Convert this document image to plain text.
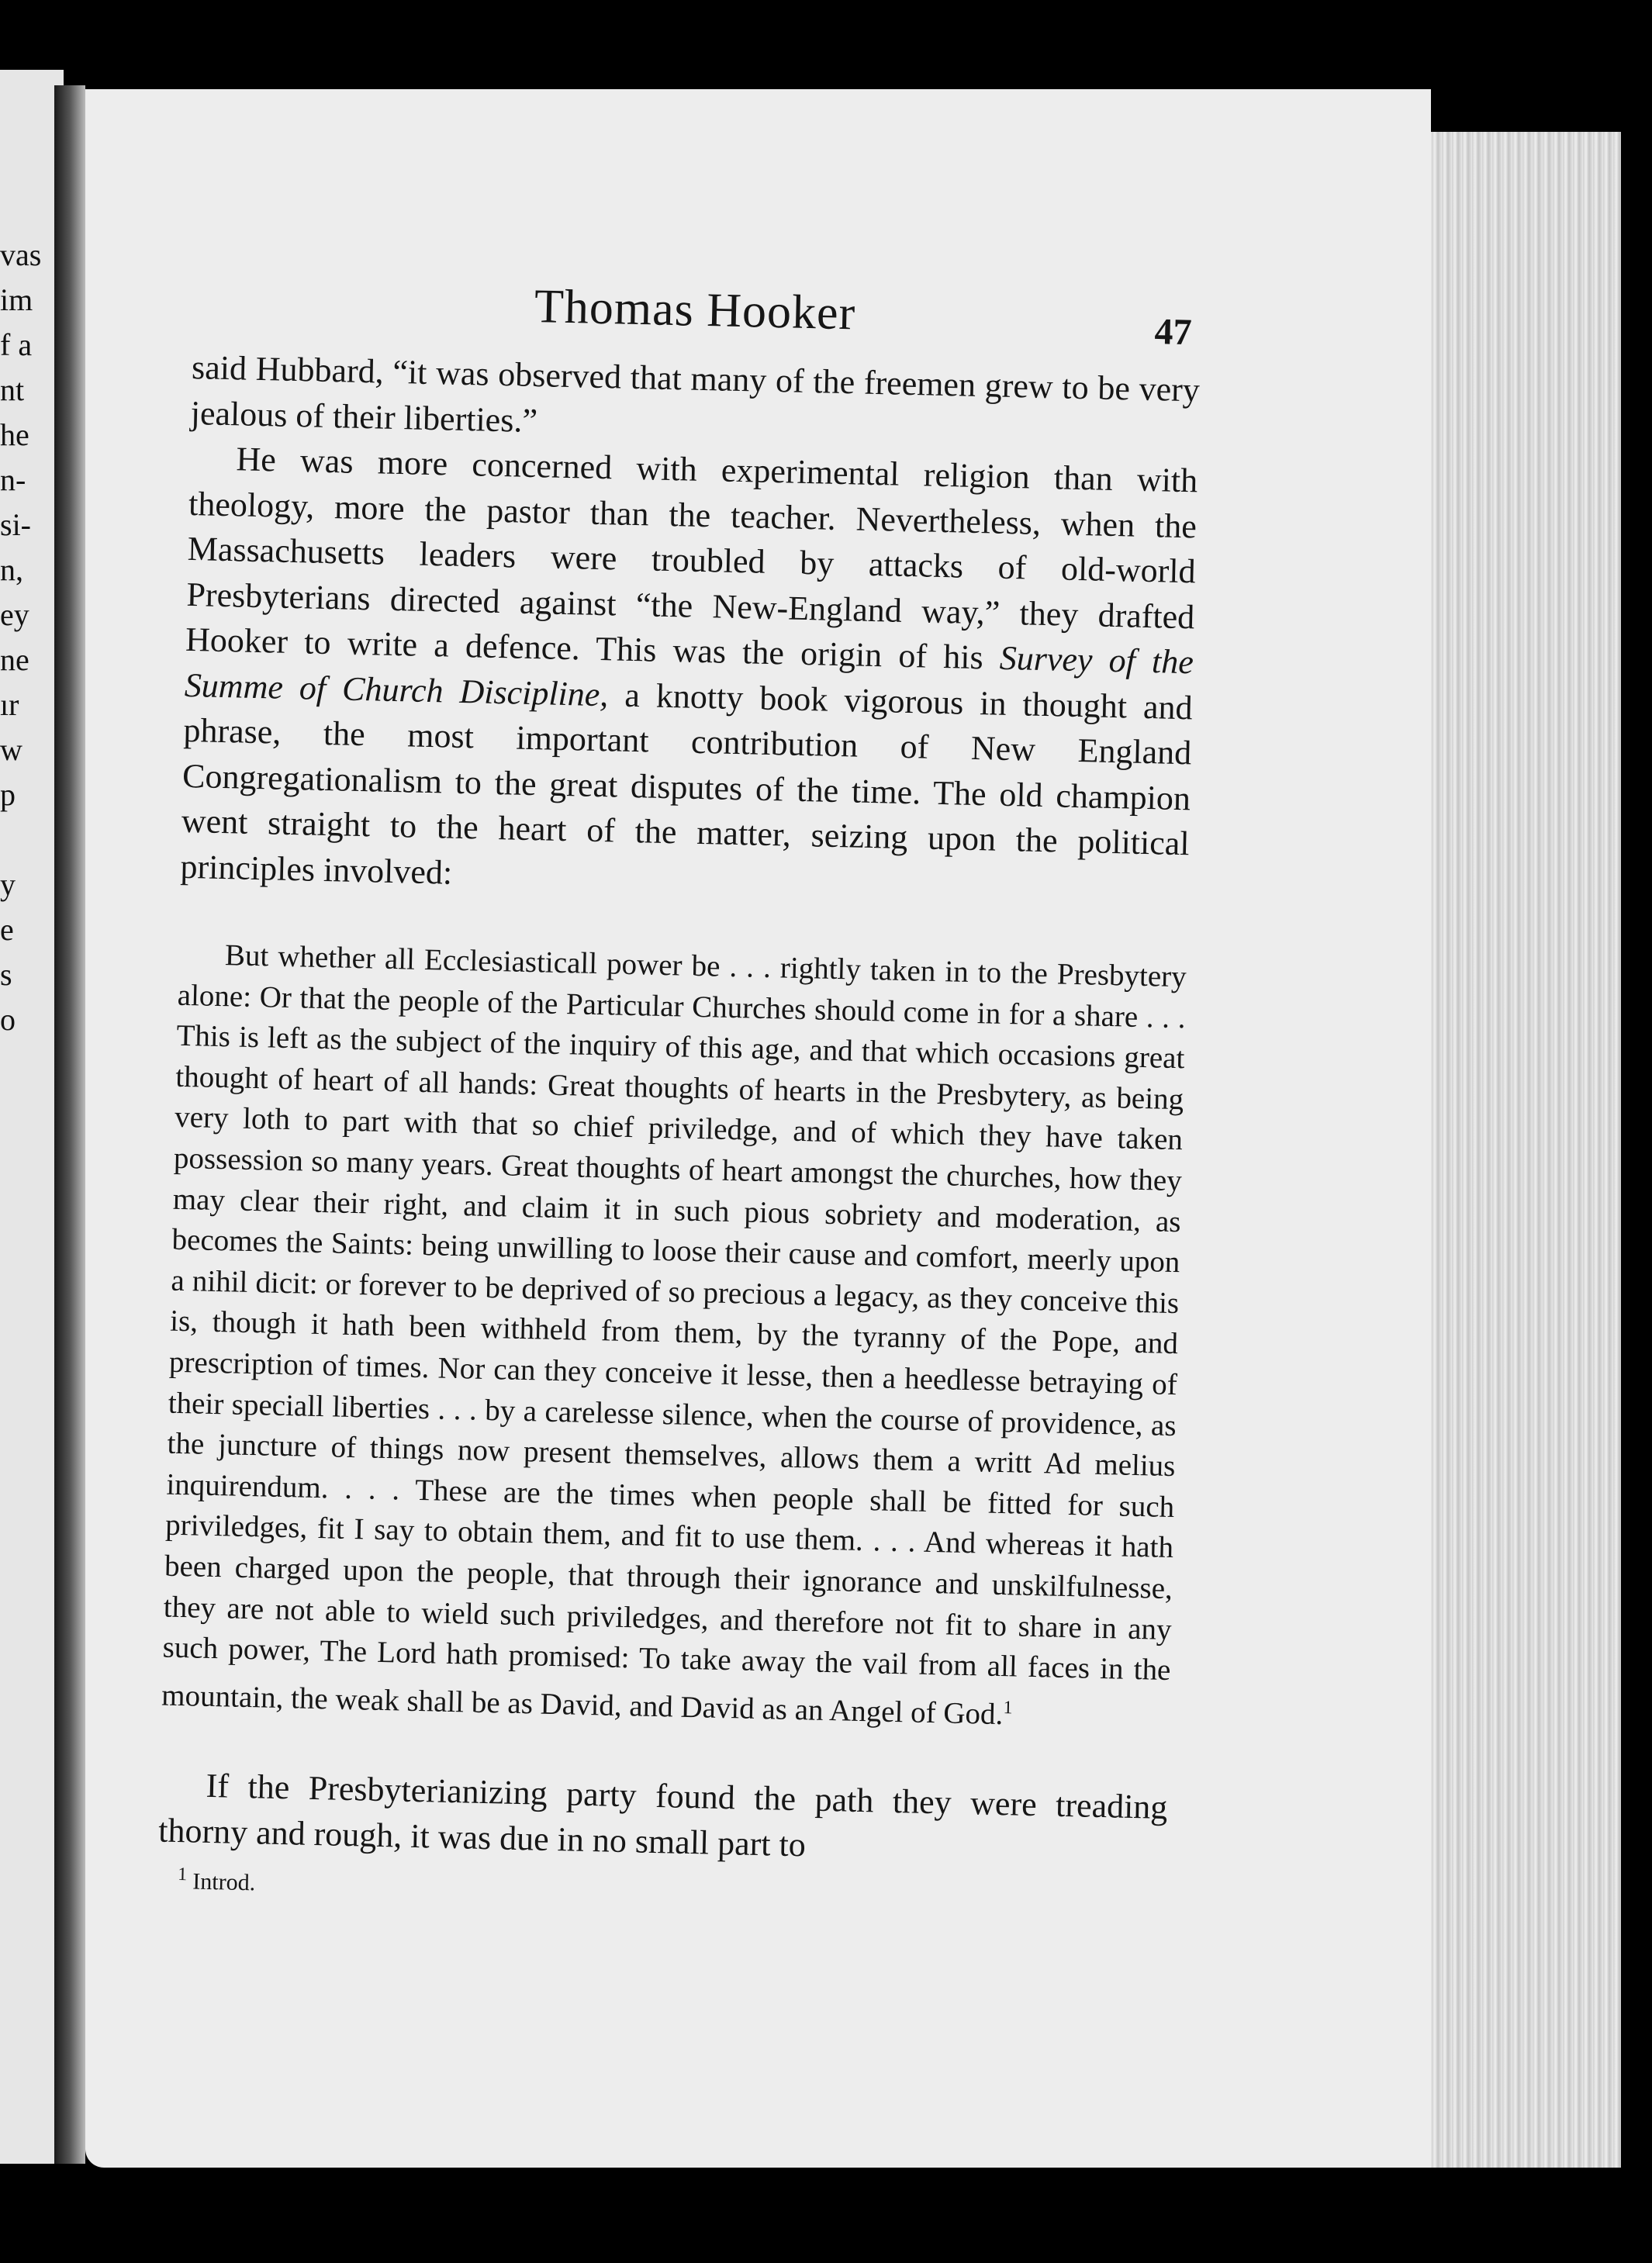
vas
im
f a
nt
he
n-
si-
n,
ey
ne
ır
w
p

y
e
s
o
Thomas Hooker	47

said Hubbard, “it was observed that many of the freemen grew to be very jealous of their liberties.”

He was more concerned with experimental religion than with theology, more the pastor than the teacher. Nevertheless, when the Massachusetts leaders were troubled by attacks of old-world Presbyterians directed against “the New-England way,” they drafted Hooker to write a defence. This was the origin of his Survey of the Summe of Church Discipline, a knotty book vigorous in thought and phrase, the most important contribution of New England Congregationalism to the great disputes of the time. The old champion went straight to the heart of the matter, seizing upon the political principles involved:

But whether all Ecclesiasticall power be . . . rightly taken in to the Presbytery alone: Or that the people of the Particular Churches should come in for a share . . . This is left as the subject of the inquiry of this age, and that which occasions great thought of heart of all hands: Great thoughts of hearts in the Presbytery, as being very loth to part with that so chief priviledge, and of which they have taken possession so many years. Great thoughts of heart amongst the churches, how they may clear their right, and claim it in such pious sobriety and moderation, as becomes the Saints: being unwilling to loose their cause and comfort, meerly upon a nihil dicit: or forever to be deprived of so precious a legacy, as they conceive this is, though it hath been withheld from them, by the tyranny of the Pope, and prescription of times. Nor can they conceive it lesse, then a heedlesse betraying of their speciall liberties . . . by a carelesse silence, when the course of providence, as the juncture of things now present themselves, allows them a writt Ad melius inquirendum. . . . These are the times when people shall be fitted for such priviledges, fit I say to obtain them, and fit to use them. . . . And whereas it hath been charged upon the people, that through their ignorance and unskilfulnesse, they are not able to wield such priviledges, and therefore not fit to share in any such power, The Lord hath promised: To take away the vail from all faces in the mountain, the weak shall be as David, and David as an Angel of God.$^1$

If the Presbyterianizing party found the path they were treading thorny and rough, it was due in no small part to

$^1$ Introd.
